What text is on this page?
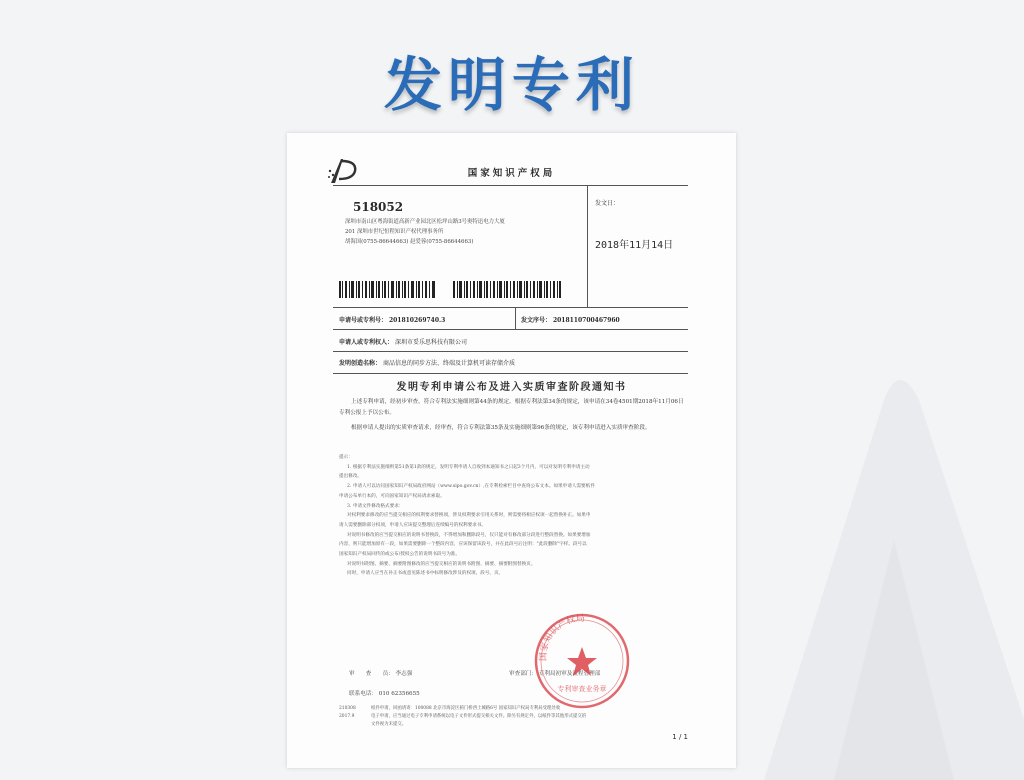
发明专利
国家知识产权局
518052
深圳市南山区粤海街道高新产业园北区松坪山路3号奥特迅电力大厦
201 深圳市世纪恒程知识产权代理事务所
胡海国(0755-86644663) 赵爱蓉(0755-86644663)
发文日：
2018年11月14日
申请号或专利号： 201810269740.3	发文序号： 2018110700467960
申请人或专利权人： 深圳市妥乐思科技有限公司
发明创造名称： 商品信息的同步方法、终端及计算机可读存储介质
发明专利申请公布及进入实质审查阶段通知书
上述专利申请，经初步审查，符合专利法实施细则第44条的规定。根据专利法第34条的规定，该申请在34卷4501期2018年11月06日专利公报上予以公布。
根据申请人提出的实质审查请求，经审查，符合专利法第35条及实施细则第96条的规定，该专利申请进入实质审查阶段。
提示：
1. 根据专利法实施细则第51条第1款的规定，发明专利申请人自收到本通知书之日起3个月内，可以对发明专利申请主动
提出修改。
2. 申请人可以访问国家知识产权局政府网站（www.sipo.gov.cn）,在专利检索栏目中查询公布文本。如果申请人需要纸件
申请公布单行本的，可向国家知识产权局请求索取。
3. 申请文件修改格式要求：
对权利要求修改的应当提交相应的权利要求替换项，涉及权利要求引用关系时，则需要将相应权项一起替换补正。如果申
请人需要删除部分权项，申请人应该提交整理后连续编号的权利要求书。
对说明书修改的应当提交相应的说明书替换段，不得增加和删除段号，仅只能对有修改部分段进行整段替换。如果要增加
内容，则只能增加原有一段，如果需要删除一个整段内容，应该保留该段号，并在此段号后注明："此段删除"字样。段号以
国家知识产权局回传的或公布/授权公告的说明书段号为准。
对说明书附图、摘要、摘要附图修改的应当提交相应的说明书附图、摘要、摘要附图替换页。
同时，申请人应当在补正书或意见陈述书中标明修改涉及的权项、段号、页。
审　　查　　员： 李志强	审查部门： 专利局初审及流程管理部
联系电话： 010 62356655
国家知识产权局
专利审查业务章
210308
2017.9
纸件申请，回函请寄：100088 北京市海淀区蓟门桥西土城路6号 国家知识产权局专利局受理处收
电子申请，应当通过电子专利申请系统以电子文件形式提交相关文件。除另有规定外，以纸件等其他形式提交的
文件视为未提交。
1 / 1
